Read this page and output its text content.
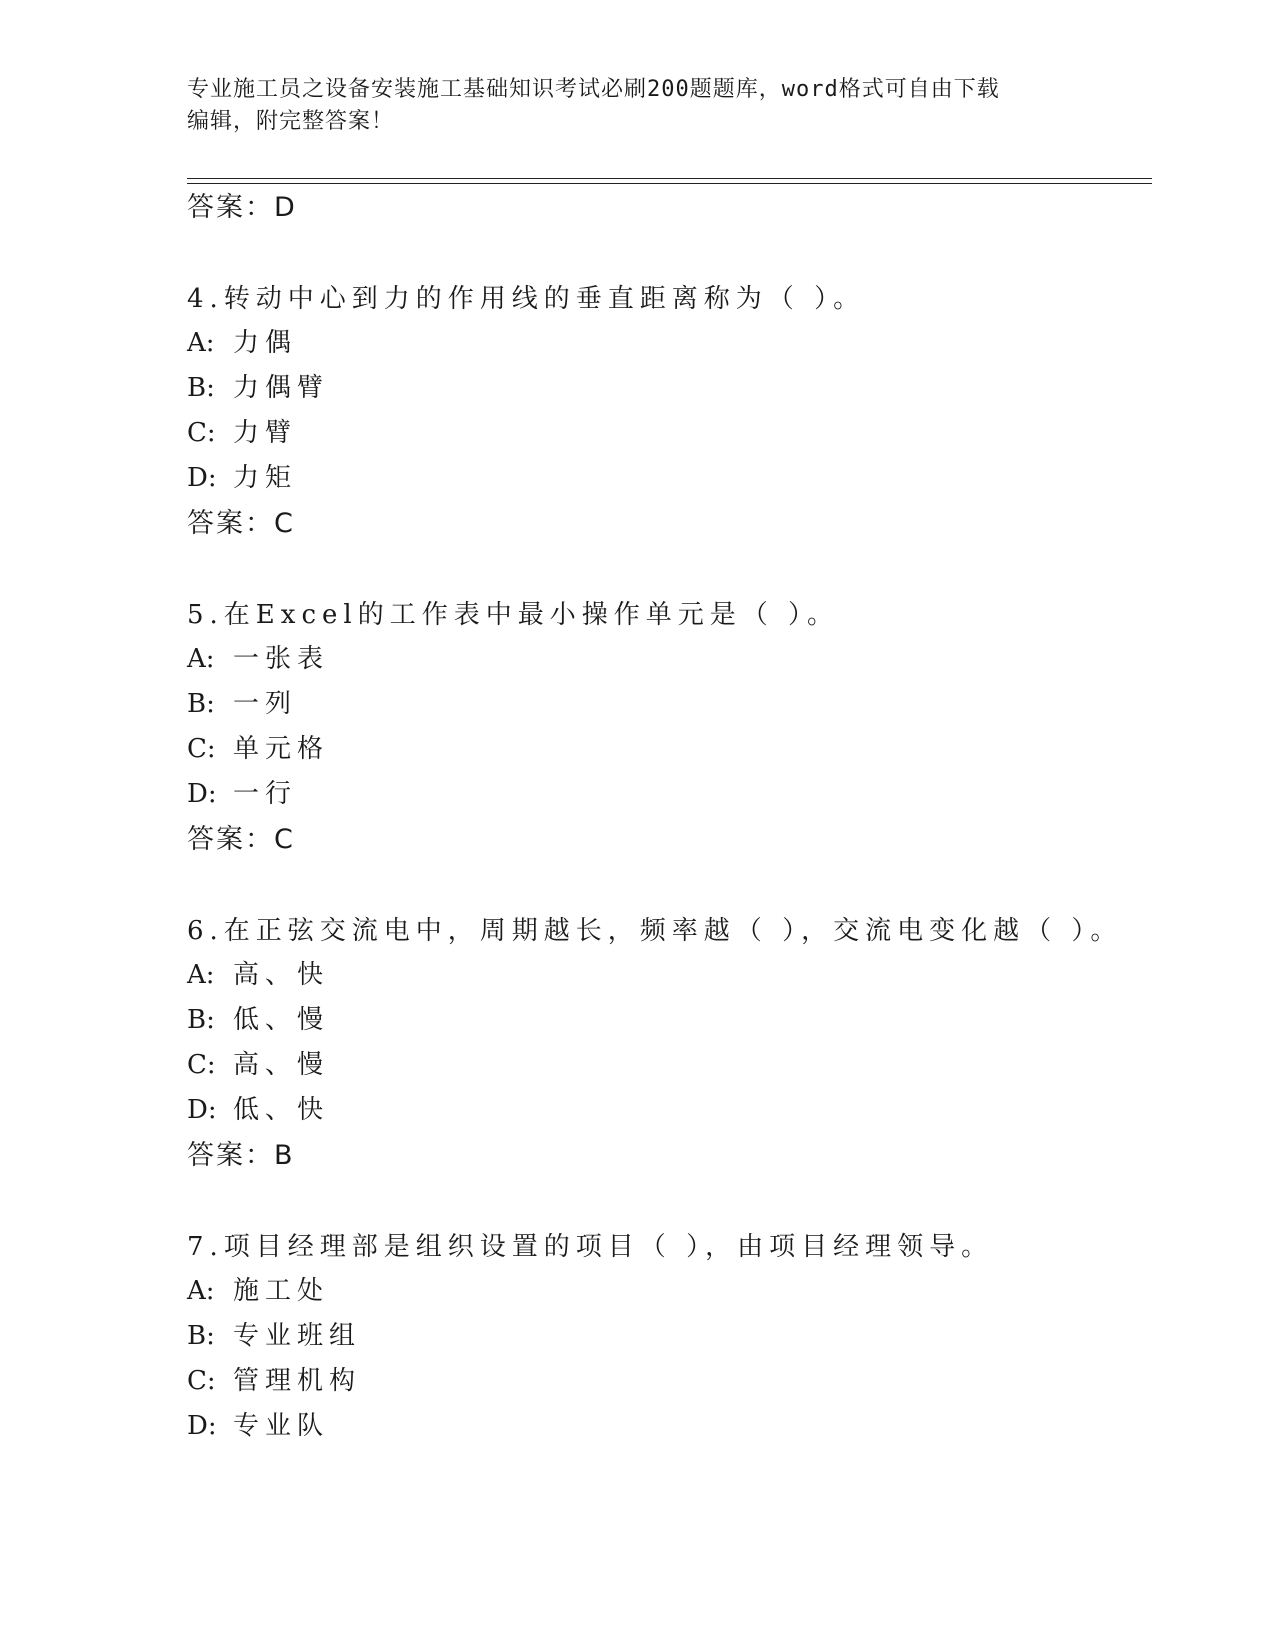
专业施工员之设备安装施工基础知识考试必刷200题题库，word格式可自由下载
编辑，附完整答案！
答案：D
4.转动中心到力的作用线的垂直距离称为（ ）。
A: 力偶
B: 力偶臂
C: 力臂
D: 力矩
答案：C
5.在Excel的工作表中最小操作单元是（ ）。
A: 一张表
B: 一列
C: 单元格
D: 一行
答案：C
6.在正弦交流电中，周期越长，频率越（ ），交流电变化越（ ）。
A: 高、快
B: 低、慢
C: 高、慢
D: 低、快
答案：B
7.项目经理部是组织设置的项目（ ），由项目经理领导。
A: 施工处
B: 专业班组
C: 管理机构
D: 专业队
